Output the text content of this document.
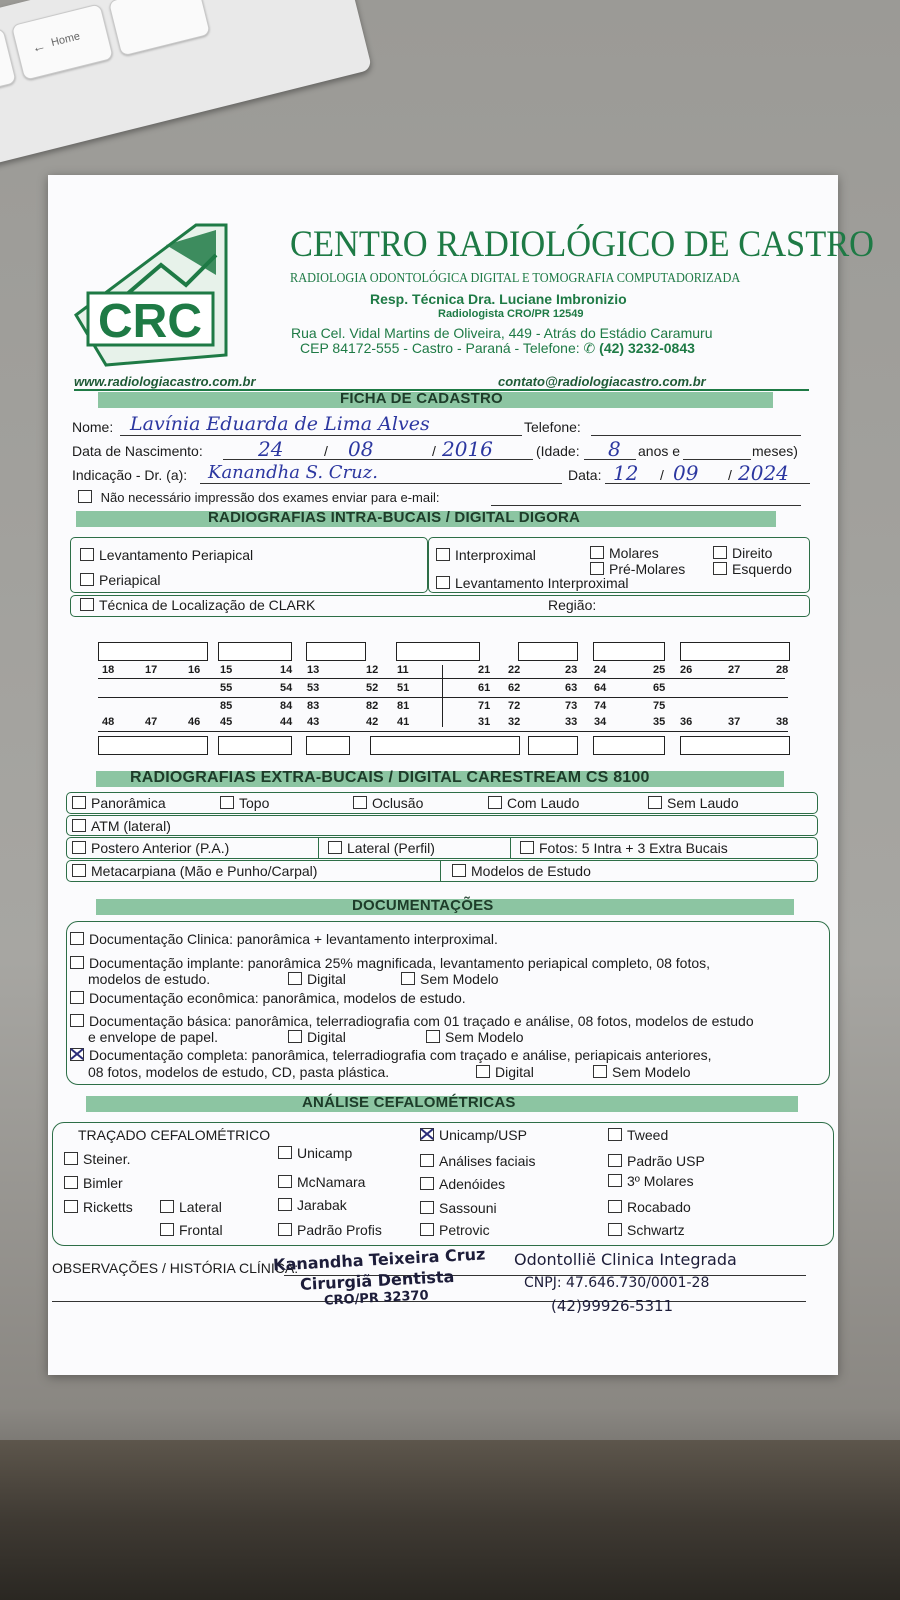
← Home
CRC
CENTRO RADIOLÓGICO DE CASTRO
RADIOLOGIA ODONTOLÓGICA DIGITAL E TOMOGRAFIA COMPUTADORIZADA
Resp. Técnica Dra. Luciane Imbronizio
Radiologista CRO/PR 12549
Rua Cel. Vidal Martins de Oliveira, 449 - Atrás do Estádio Caramuru
CEP 84172-555 - Castro - Paraná - Telefone: ✆ (42) 3232-0843
www.radiologiacastro.com.br	contato@radiologiacastro.com.br
FICHA DE CADASTRO
Nome: Lavínia Eduarda de Lima Alves	Telefone:
Data de Nascimento:	24	/ 08	/ 2016	(Idade: 8 anos e	meses)
Indicação - Dr. (a): Kanandha S. Cruz.	Data: 12 / 09 / 2024
Não necessário impressão dos exames enviar para e-mail:
RADIOGRAFIAS INTRA-BUCAIS / DIGITAL DIGORA
Levantamento Periapical
Periapical
Interproximal	Molares
Pré-Molares
Direito
Esquerdo
Levantamento Interproximal
Técnica de Localização de CLARK	Região:
18	17	16 15	14 13	12 11	21 22	23 24	25 26	27	28
55	54 53	52 51	61 62	63 64	65
85	84 83	82 81	71 72	73 74	75
48	47	46 45	44 43	42 41	31 32	33 34	35 36	37	38
RADIOGRAFIAS EXTRA-BUCAIS / DIGITAL CARESTREAM CS 8100
Panorâmica	Topo	Oclusão	Com Laudo	Sem Laudo
ATM (lateral)
Postero Anterior (P.A.)	Lateral (Perfil)	Fotos: 5 Intra + 3 Extra Bucais
Metacarpiana (Mão e Punho/Carpal)	Modelos de Estudo
DOCUMENTAÇÕES
Documentação Clinica: panorâmica + levantamento interproximal.
Documentação implante: panorâmica 25% magnificada, levantamento periapical completo, 08 fotos,
modelos de estudo.	Digital	Sem Modelo
Documentação econômica: panorâmica, modelos de estudo.
Documentação básica: panorâmica, telerradiografia com 01 traçado e análise, 08 fotos, modelos de estudo
e envelope de papel.	Digital	Sem Modelo
Documentação completa: panorâmica, telerradiografia com traçado e análise, periapicais anteriores,
08 fotos, modelos de estudo, CD, pasta plástica.	Digital	Sem Modelo
ANÁLISE CEFALOMÉTRICAS
TRAÇADO CEFALOMÉTRICO
Steiner.
Bimler
Ricketts	Lateral
Frontal
Unicamp
McNamara
Jarabak
Padrão Profis
Unicamp/USP
Análises faciais
Adenóides
Sassouni
Petrovic
Tweed
Padrão USP
3º Molares
Rocabado
Schwartz
OBSERVAÇÕES / HISTÓRIA CLÍNICA:
Kanandha Teixeira Cruz
Cirurgiã Dentista
CRO/PR 32370
Odontollië Clinica Integrada
CNPJ: 47.646.730/0001-28
(42)99926-5311
